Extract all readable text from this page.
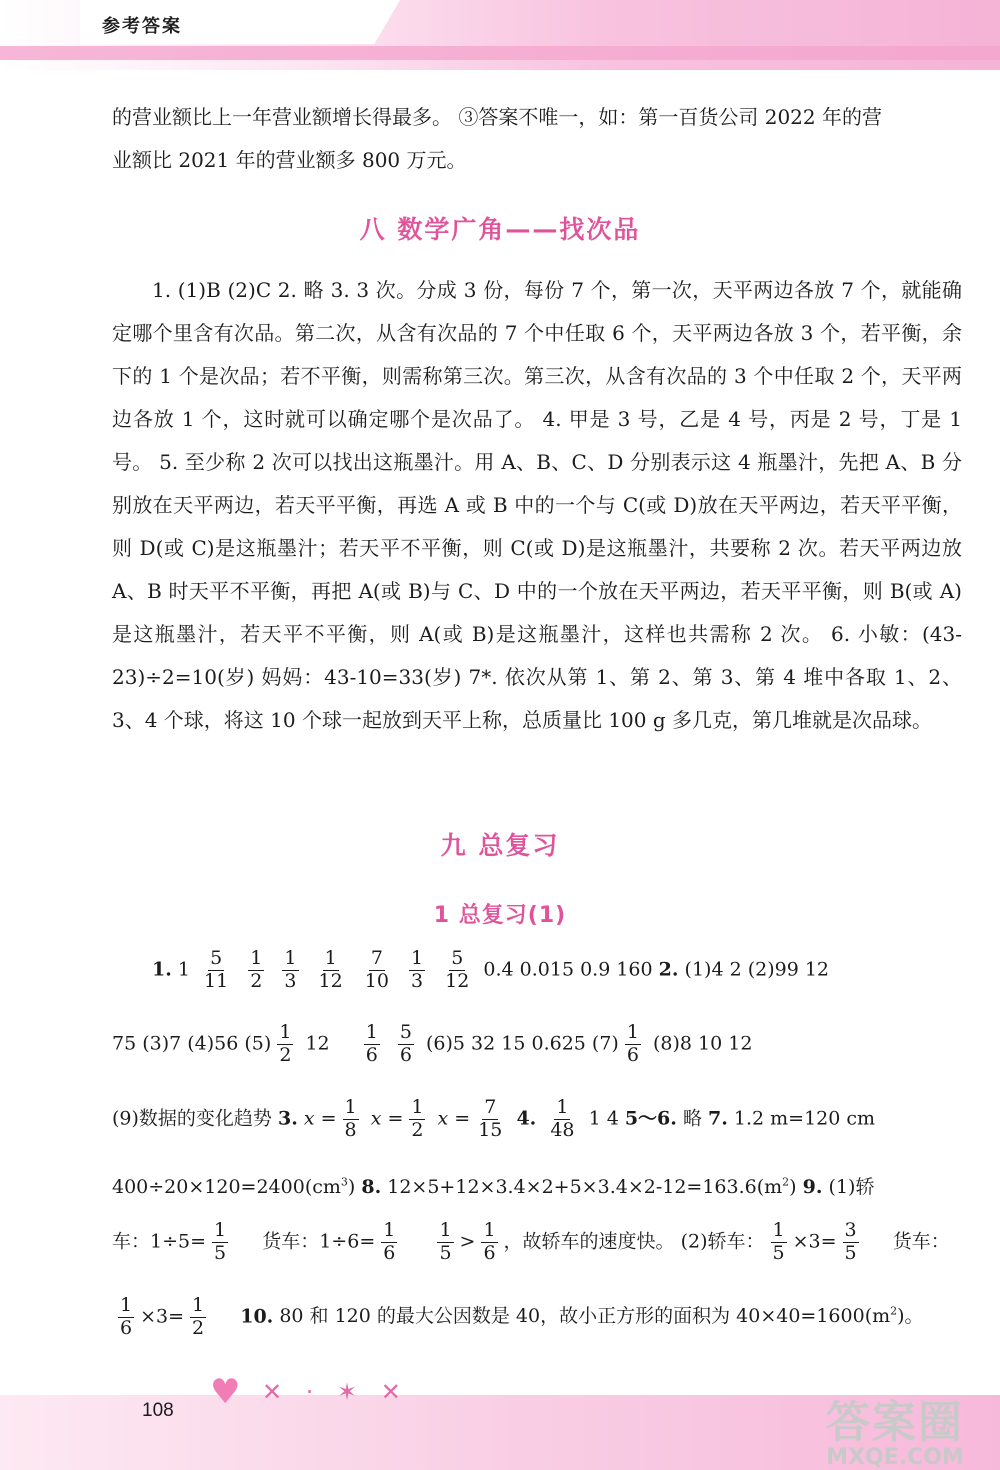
参考答案
的营业额比上一年营业额增长得最多。 ③答案不唯一，如：第一百货公司 2022 年的营
业额比 2021 年的营业额多 800 万元。
八 数学广角——找次品
1. (1)B (2)C 2. 略 3. 3 次。分成 3 份，每份 7 个，第一次，天平两边各放 7 个，就能确定哪个里含有次品。第二次，从含有次品的 7 个中任取 6 个，天平两边各放 3 个，若平衡，余下的 1 个是次品；若不平衡，则需称第三次。第三次，从含有次品的 3 个中任取 2 个，天平两边各放 1 个，这时就可以确定哪个是次品了。 4. 甲是 3 号，乙是 4 号，丙是 2 号，丁是 1 号。 5. 至少称 2 次可以找出这瓶墨汁。用 A、B、C、D 分别表示这 4 瓶墨汁，先把 A、B 分别放在天平两边，若天平平衡，再选 A 或 B 中的一个与 C(或 D)放在天平两边，若天平平衡，则 D(或 C)是这瓶墨汁；若天平不平衡，则 C(或 D)是这瓶墨汁，共要称 2 次。若天平两边放 A、B 时天平不平衡，再把 A(或 B)与 C、D 中的一个放在天平两边，若天平平衡，则 B(或 A)是这瓶墨汁，若天平不平衡，则 A(或 B)是这瓶墨汁，这样也共需称 2 次。 6. 小敏：(43-23)÷2=10(岁) 妈妈：43-10=33(岁) 7*. 依次从第 1、第 2、第 3、第 4 堆中各取 1、2、3、4 个球，将这 10 个球一起放到天平上称，总质量比 100 g 多几克，第几堆就是次品球。
九 总复习
1 总复习(1)
1. $1 \frac{5}{11}$
$\frac{1}{2}$
$\frac{1}{3}$
$\frac{1}{12}$
$\frac{7}{10}$
$\frac{1}{3}$
$\frac{5}{12} 0.4$ 0.015 0.9 160 2. (1)4 2 (2)99 12
75 (3)7 (4)56 $(5) \frac{1}{2} 12 \frac{1}{6}$
$\frac{5}{6} (6)5$ 32 15 0.625 $(7) \frac{1}{6} (8)8$ 10 12
(9)数据的变化趋势 3. $x = \frac{1}{8}$ $x = \frac{1}{2}$ $x = \frac{7}{15} 4$. $\frac{1}{48} 1$ 4 5～6. 略 7. 1.2 m=120 cm
$400\div 20\times 120=2400(cm^3)$ 8. $12\times 5+12\times 3.4\times 2+5\times 3.4\times 2-12=163.6(m^2)$ 9. (1)轿
车：$1\div 5= \frac{1}{5}$ 货车：$1\div 6= \frac{1}{6}$
$\frac{1}{5} > \frac{1}{6}$ ，故轿车的速度快。 (2)轿车： $\frac{1}{5} \times 3= \frac{3}{5}$ 货车：
$\frac{1}{6} \times 3= \frac{1}{2} 10$. 80 和 120 的最大公因数是 40，故小正方形的面积为 $40\times 40=1600(m^2)$。
♥ ✕ · ✶ ✕
108	答案圈
MXQE.COM
